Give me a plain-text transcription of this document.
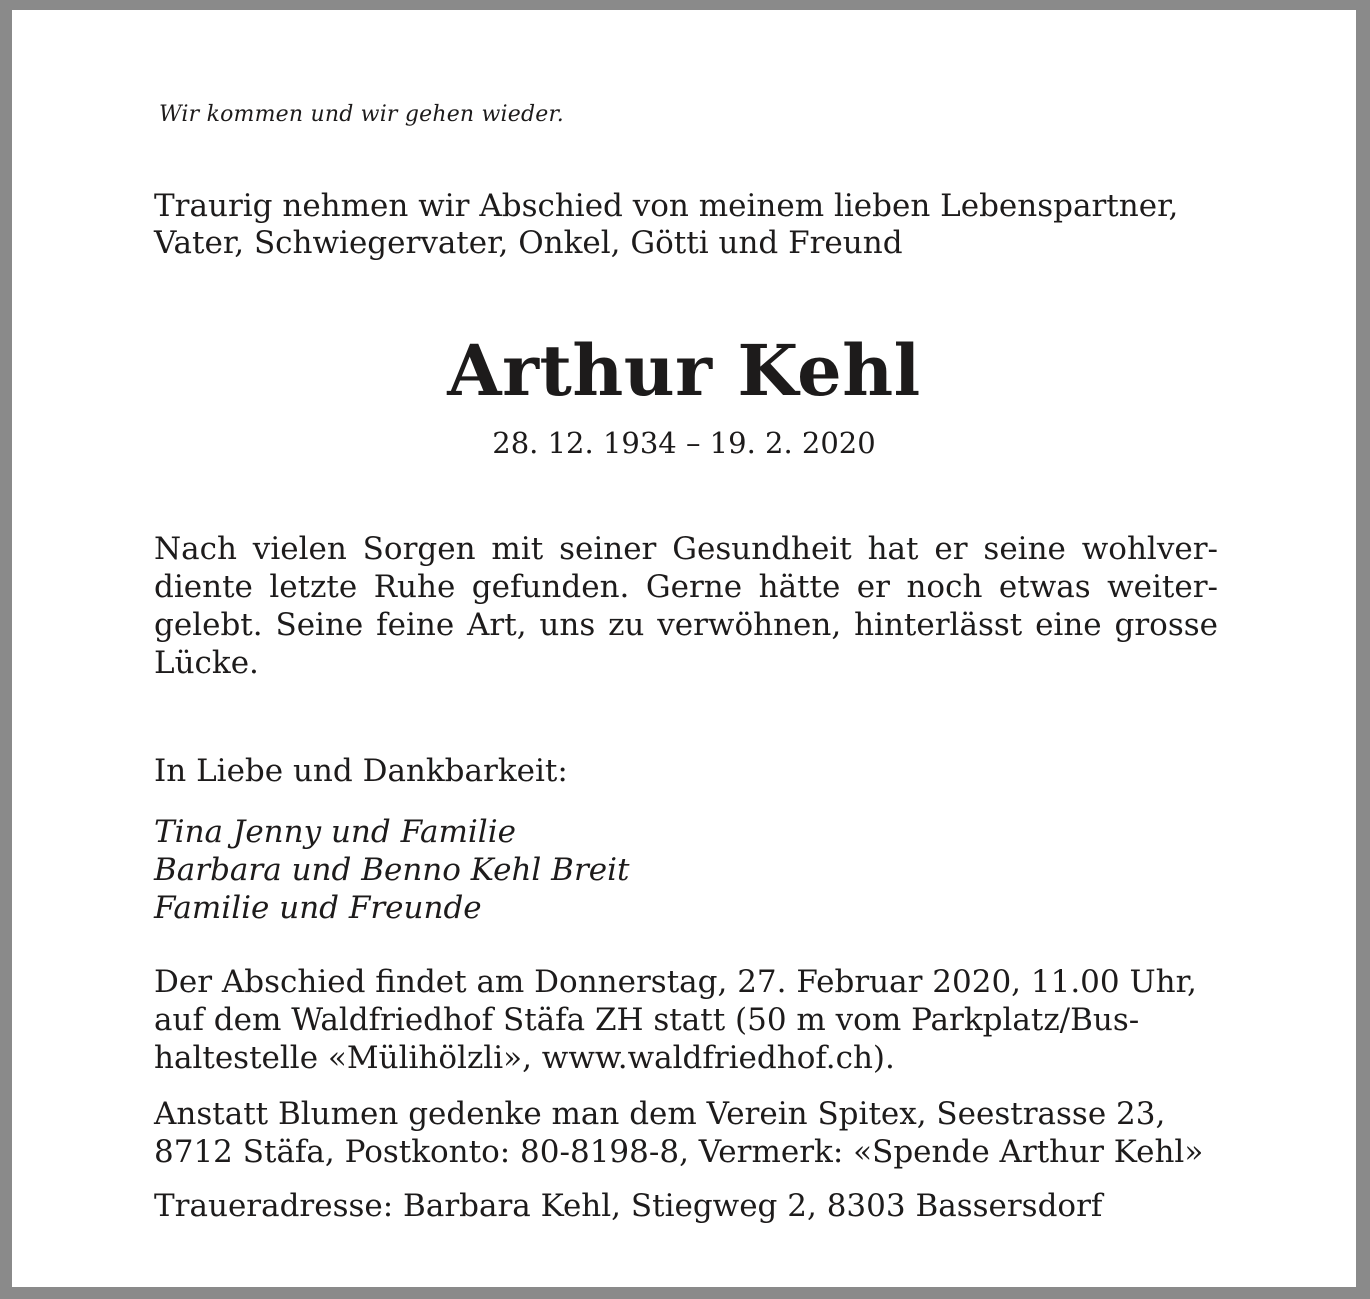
Wir kommen und wir gehen wieder.
Traurig nehmen wir Abschied von meinem lieben Lebenspartner,
Vater, Schwiegervater, Onkel, Götti und Freund
Arthur Kehl
28. 12. 1934 – 19. 2. 2020
Nach vielen Sorgen mit seiner Gesundheit hat er seine wohlver-
diente letzte Ruhe gefunden. Gerne hätte er noch etwas weiter-
gelebt. Seine feine Art, uns zu verwöhnen, hinterlässt eine grosse
Lücke.
In Liebe und Dankbarkeit:
Tina Jenny und Familie
Barbara und Benno Kehl Breit
Familie und Freunde
Der Abschied findet am Donnerstag, 27. Februar 2020, 11.00 Uhr,
auf dem Waldfriedhof Stäfa ZH statt (50 m vom Parkplatz/Bus-
haltestelle «Mülihölzli», www.waldfriedhof.ch).
Anstatt Blumen gedenke man dem Verein Spitex, Seestrasse 23,
8712 Stäfa, Postkonto: 80-8198-8, Vermerk: «Spende Arthur Kehl»
Traueradresse: Barbara Kehl, Stiegweg 2, 8303 Bassersdorf
